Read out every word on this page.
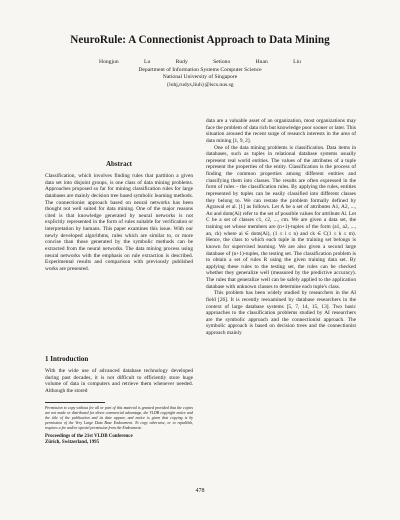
NeuroRule: A Connectionist Approach to Data Mining
Hongjun Lu Rudy Setiono Huan Liu
Department of Information Systems Computer Science
National University of Singapore
{luhj,rudys,liuh}@iscs.nus.sg
Abstract

Classification, which involves finding rules that partition a given data set into disjoint groups, is one class of data mining problems. Approaches proposed so far for mining classification rules for large databases are mainly decision tree based symbolic learning methods. The connectionist approach based on neural networks has been thought not well suited for data mining. One of the major reasons cited is that knowledge generated by neural networks is not explicitly represented in the form of rules suitable for verification or interpretation by humans. This paper examines this issue. With our newly developed algorithms, rules which are similar to, or more concise than those generated by the symbolic methods can be extracted from the neural networks. The data mining process using neural networks with the emphasis on rule extraction is described. Experimental results and comparison with previously published works are presented.

1 Introduction

With the wide use of advanced database technology developed during past decades, it is not difficult to efficiently store huge volume of data in computers and retrieve them whenever needed. Although the stored

Permission to copy without fee all or part of this material is granted provided that the copies are not made or distributed for direct commercial advantage, the VLDB copyright notice and the title of the publication and its date appear, and notice is given that copying is by permission of the Very Large Data Base Endowment. To copy otherwise, or to republish, requires a fee and/or special permission from the Endowment.

Proceedings of the 21st VLDB Conference
Zürich, Switzerland, 1995

data are a valuable asset of an organization, most organizations may face the problem of data rich but knowledge poor sooner or later. This situation aroused the recent surge of research interests in the area of data mining [1, 9, 2].

One of the data mining problems is classification. Data items in databases, such as tuples in relational database systems usually represent real world entities. The values of the attributes of a tuple represent the properties of the entity. Classification is the process of finding the common properties among different entities and classifying them into classes. The results are often expressed in the form of rules – the classification rules. By applying the rules, entities represented by tuples can be easily classified into different classes they belong to. We can restate the problem formally defined by Agrawal et al. [1] as follows. Let A be a set of attributes A1, A2, ..., An and dom(Ai) refer to the set of possible values for attribute Ai. Let C be a set of classes c1, c2, ..., cm. We are given a data set, the training set whose members are (n+1)-tuples of the form (a1, a2, ..., an, ck) where ai ∈ dom(Ai), (1 ≤ i ≤ n) and ck ∈ C(1 ≤ k ≤ m). Hence, the class to which each tuple in the training set belongs is known for supervised learning. We are also given a second large database of (n+1)-tuples, the testing set. The classification problem is to obtain a set of rules R using the given training data set. By applying these rules to the testing set, the rules can be checked whether they generalize well (measured by the predictive accuracy). The rules that generalize well can be safely applied to the application database with unknown classes to determine each tuple's class.

This problem has been widely studied by researchers in the AI field [26]. It is recently reexamined by database researchers in the context of large database systems [5, 7, 14, 15, 13]. Two basic approaches to the classification problems studied by AI researchers are the symbolic approach and the connectionist approach. The symbolic approach is based on decision trees and the connectionist approach mainly

478
